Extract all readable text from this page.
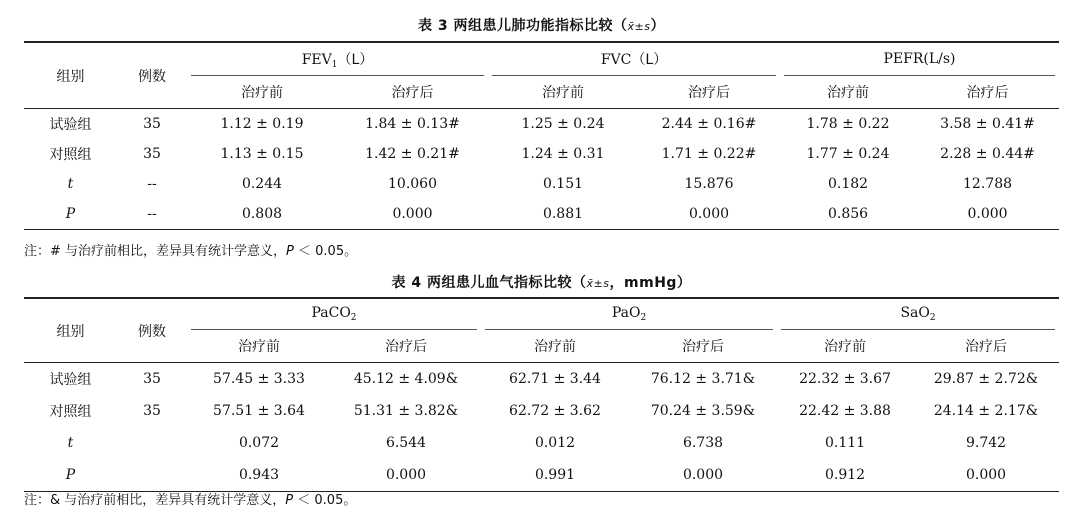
表 3 两组患儿肺功能指标比较（x̄±s）
组别	例数	$FEV_1(L)$		FVC（L）		PEFR(L/s)	
		治疗前	治疗后	治疗前	治疗后	治疗前	治疗后
试验组	35	1.12 ± 0.19	1.84 ± 0.13#	1.25 ± 0.24	2.44 ± 0.16#	1.78 ± 0.22	3.58 ± 0.41#
对照组	35	1.13 ± 0.15	1.42 ± 0.21#	1.24 ± 0.31	1.71 ± 0.22#	1.77 ± 0.24	2.28 ± 0.44#
t	--	0.244	10.060	0.151	15.876	0.182	12.788
P	--	0.808	0.000	0.881	0.000	0.856	0.000
注：# 与治疗前相比，差异具有统计学意义，P ＜ 0.05。
表 4 两组患儿血气指标比较（x̄±s，mmHg）
组别	例数	PaCO$_2$		PaO$_2$		SaO$_2$
		治疗前	治疗后	治疗前	治疗后	治疗前	治疗后
试验组	35	57.45 ± 3.33	45.12 ± 4.09&	62.71 ± 3.44	76.12 ± 3.71&	22.32 ± 3.67	29.87 ± 2.72&
对照组	35	57.51 ± 3.64	51.31 ± 3.82&	62.72 ± 3.62	70.24 ± 3.59&	22.42 ± 3.88	24.14 ± 2.17&
t		0.072	6.544	0.012	6.738	0.111	9.742
P		0.943	0.000	0.991	0.000	0.912	0.000
注：& 与治疗前相比，差异具有统计学意义，P ＜ 0.05。
